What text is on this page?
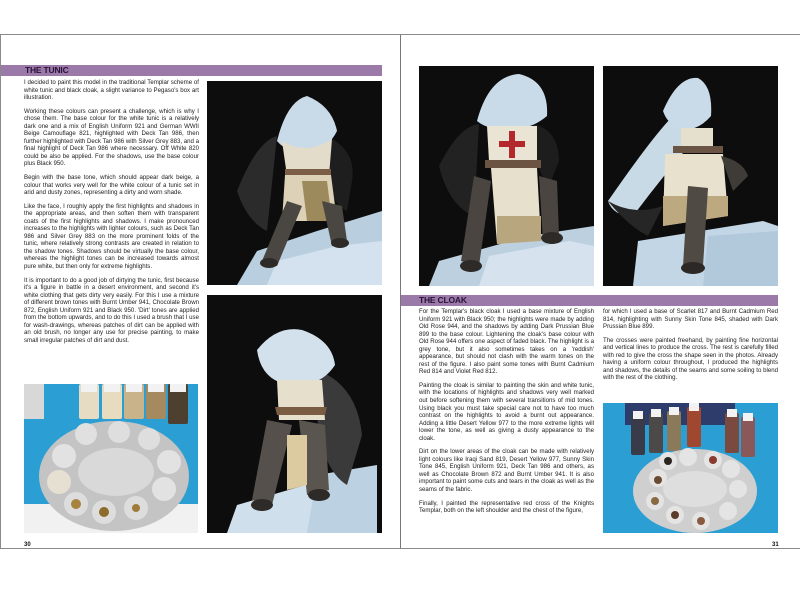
THE TUNIC

I decided to paint this model in the traditional Templar scheme of white tunic and black cloak, a slight variance to Pegaso's box art illustration.

Working these colours can present a challenge, which is why I chose them. The base colour for the white tunic is a relatively dark one and a mix of English Uniform 921 and German WWII Beige Camouflage 821, highlighted with Deck Tan 986, then further highlighted with Deck Tan 986 with Silver Grey 883, and a final highlight of Deck Tan 986 where necessary. Off White 820 could be also be applied. For the shadows, use the base colour plus Black 950.

Begin with the base tone, which should appear dark beige, a colour that works very well for the white colour of a tunic set in arid and dusty zones, representing a dirty and worn shade.

Like the face, I roughly apply the first highlights and shadows in the appropriate areas, and then soften them with transparent coats of the first highlights and shadows. I make pronounced increases to the highlights with lighter colours, such as Deck Tan 986 and Silver Grey 883 on the more prominent folds of the tunic, where relatively strong contrasts are created in relation to the shadow tones. Shadows should be virtually the base colour, whereas the highlight tones can be increased towards almost pure white, but then only for extreme highlights.

It is important to do a good job of dirtying the tunic, first because it's a figure in battle in a desert environment, and second it's white clothing that gets dirty very easily. For this I use a mixture of different brown tones with Burnt Umber 941, Chocolate Brown 872, English Uniform 921 and Black 950. 'Dirt' tones are applied from the bottom upwards, and to do this I used a brush that I use for wash-drawings, whereas patches of dirt can be applied with an old brush, no longer any use for precise painting, to make small irregular patches of dirt and dust.

30
THE CLOAK

For the Templar's black cloak I used a base mixture of English Uniform 921 with Black 950; the highlights were made by adding Old Rose 944, and the shadows by adding Dark Prussian Blue 899 to the base colour. Lightening the cloak's base colour with Old Rose 944 offers one aspect of faded black. The highlight is a grey tone, but it also sometimes takes on a 'reddish' appearance, but should not clash with the warm tones on the rest of the figure. I also paint some tones with Burnt Cadmium Red 814 and Violet Red 812.

Painting the cloak is similar to painting the skin and white tunic, with the locations of highlights and shadows very well marked out before softening them with several transitions of mid tones. Using black you must take special care not to have too much contrast on the highlights to avoid a burnt out appearance. Adding a little Desert Yellow 977 to the more extreme lights will lower the tone, as well as giving a dusty appearance to the cloak.

Dirt on the lower areas of the cloak can be made with relatively light colours like Iraqi Sand 819, Desert Yellow 977, Sunny Skin Tone 845, English Uniform 921, Deck Tan 986 and others, as well as Chocolate Brown 872 and Burnt Umber 941. It is also important to paint some cuts and tears in the cloak as well as the seams of the fabric.

Finally, I painted the representative red cross of the Knights Templar, both on the left shoulder and the chest of the figure,

for which I used a base of Scarlet 817 and Burnt Cadmium Red 814, highlighting with Sunny Skin Tone 845, shaded with Dark Prussian Blue 899.

The crosses were painted freehand, by painting fine horizontal and vertical lines to produce the cross. The rest is carefully filled with red to give the cross the shape seen in the photos. Already having a uniform colour throughout, I produced the highlights and shadows, the details of the seams and some soiling to blend with the rest of the clothing.

31
